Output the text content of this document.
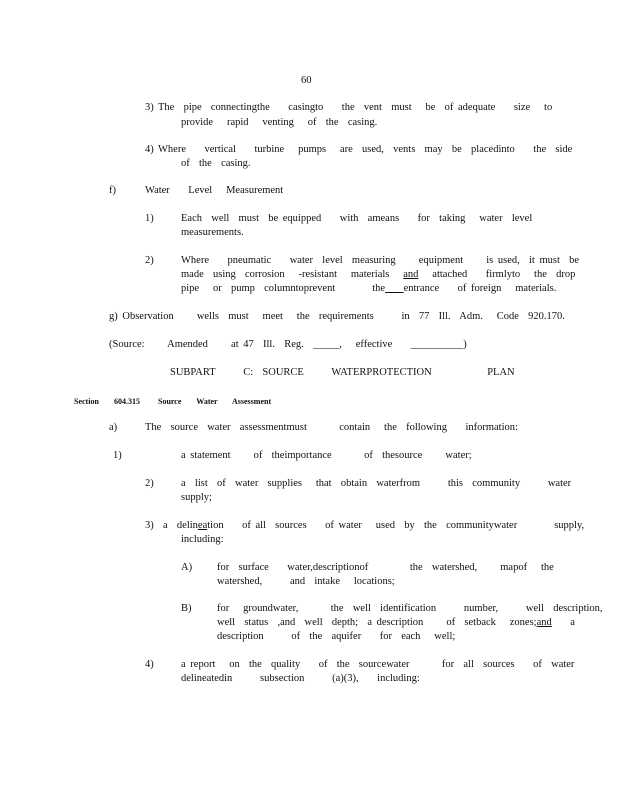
60
3) The  pipe  connectingthe    casingto    the  vent  must   be  of adequate    size   to
provide   rapid   venting   of  the  casing.
4) Where    vertical    turbine   pumps   are  used,  vents  may  be  placedinto    the  side
of  the  casing.
f)	Water    Level   Measurement
1)	Each  well  must  be equipped    with  ameans    for  taking   water  level
measurements.
2)	Where    pneumatic    water  level  measuring     equipment     is used,  it must  be
made  using  corrosion   -resistant   materials   and   attached    firmlyto   the  drop
pipe   or  pump  columntoprevent        the entrance    of foreign   materials.
g) Observation     wells  must   meet   the  requirements      in  77  Ill.  Adm.   Code  920.170.
(Source:     Amended     at 47  Ill.  Reg.  _____,   effective    __________)
SUBPART      C:  SOURCE      WATERPROTECTION            PLAN
Section 604.315 Source     Water     Assessment
a)	The  source  water  assessmentmust       contain   the  following    information:
1)	a statement     of  theimportance       of  thesource     water;
2)	a  list  of  water  supplies   that  obtain  waterfrom      this  community      water
supply;
3)  a  delineation    of all  sources    of water   used  by  the  communitywater        supply,
including:
A) for  surface    water,descriptionof         the  watershed,     mapof   the
watershed,      and  intake   locations;
B) for   groundwater,       the  well  identification      number,      well  description,
well  status  ,and  well  depth;  a description     of  setback   zones;and    a
description      of  the  aquifer    for  each   well;
4)	a report   on  the  quality    of  the  sourcewater       for  all  sources    of  water
delineatedin      subsection      (a)(3),    including:
